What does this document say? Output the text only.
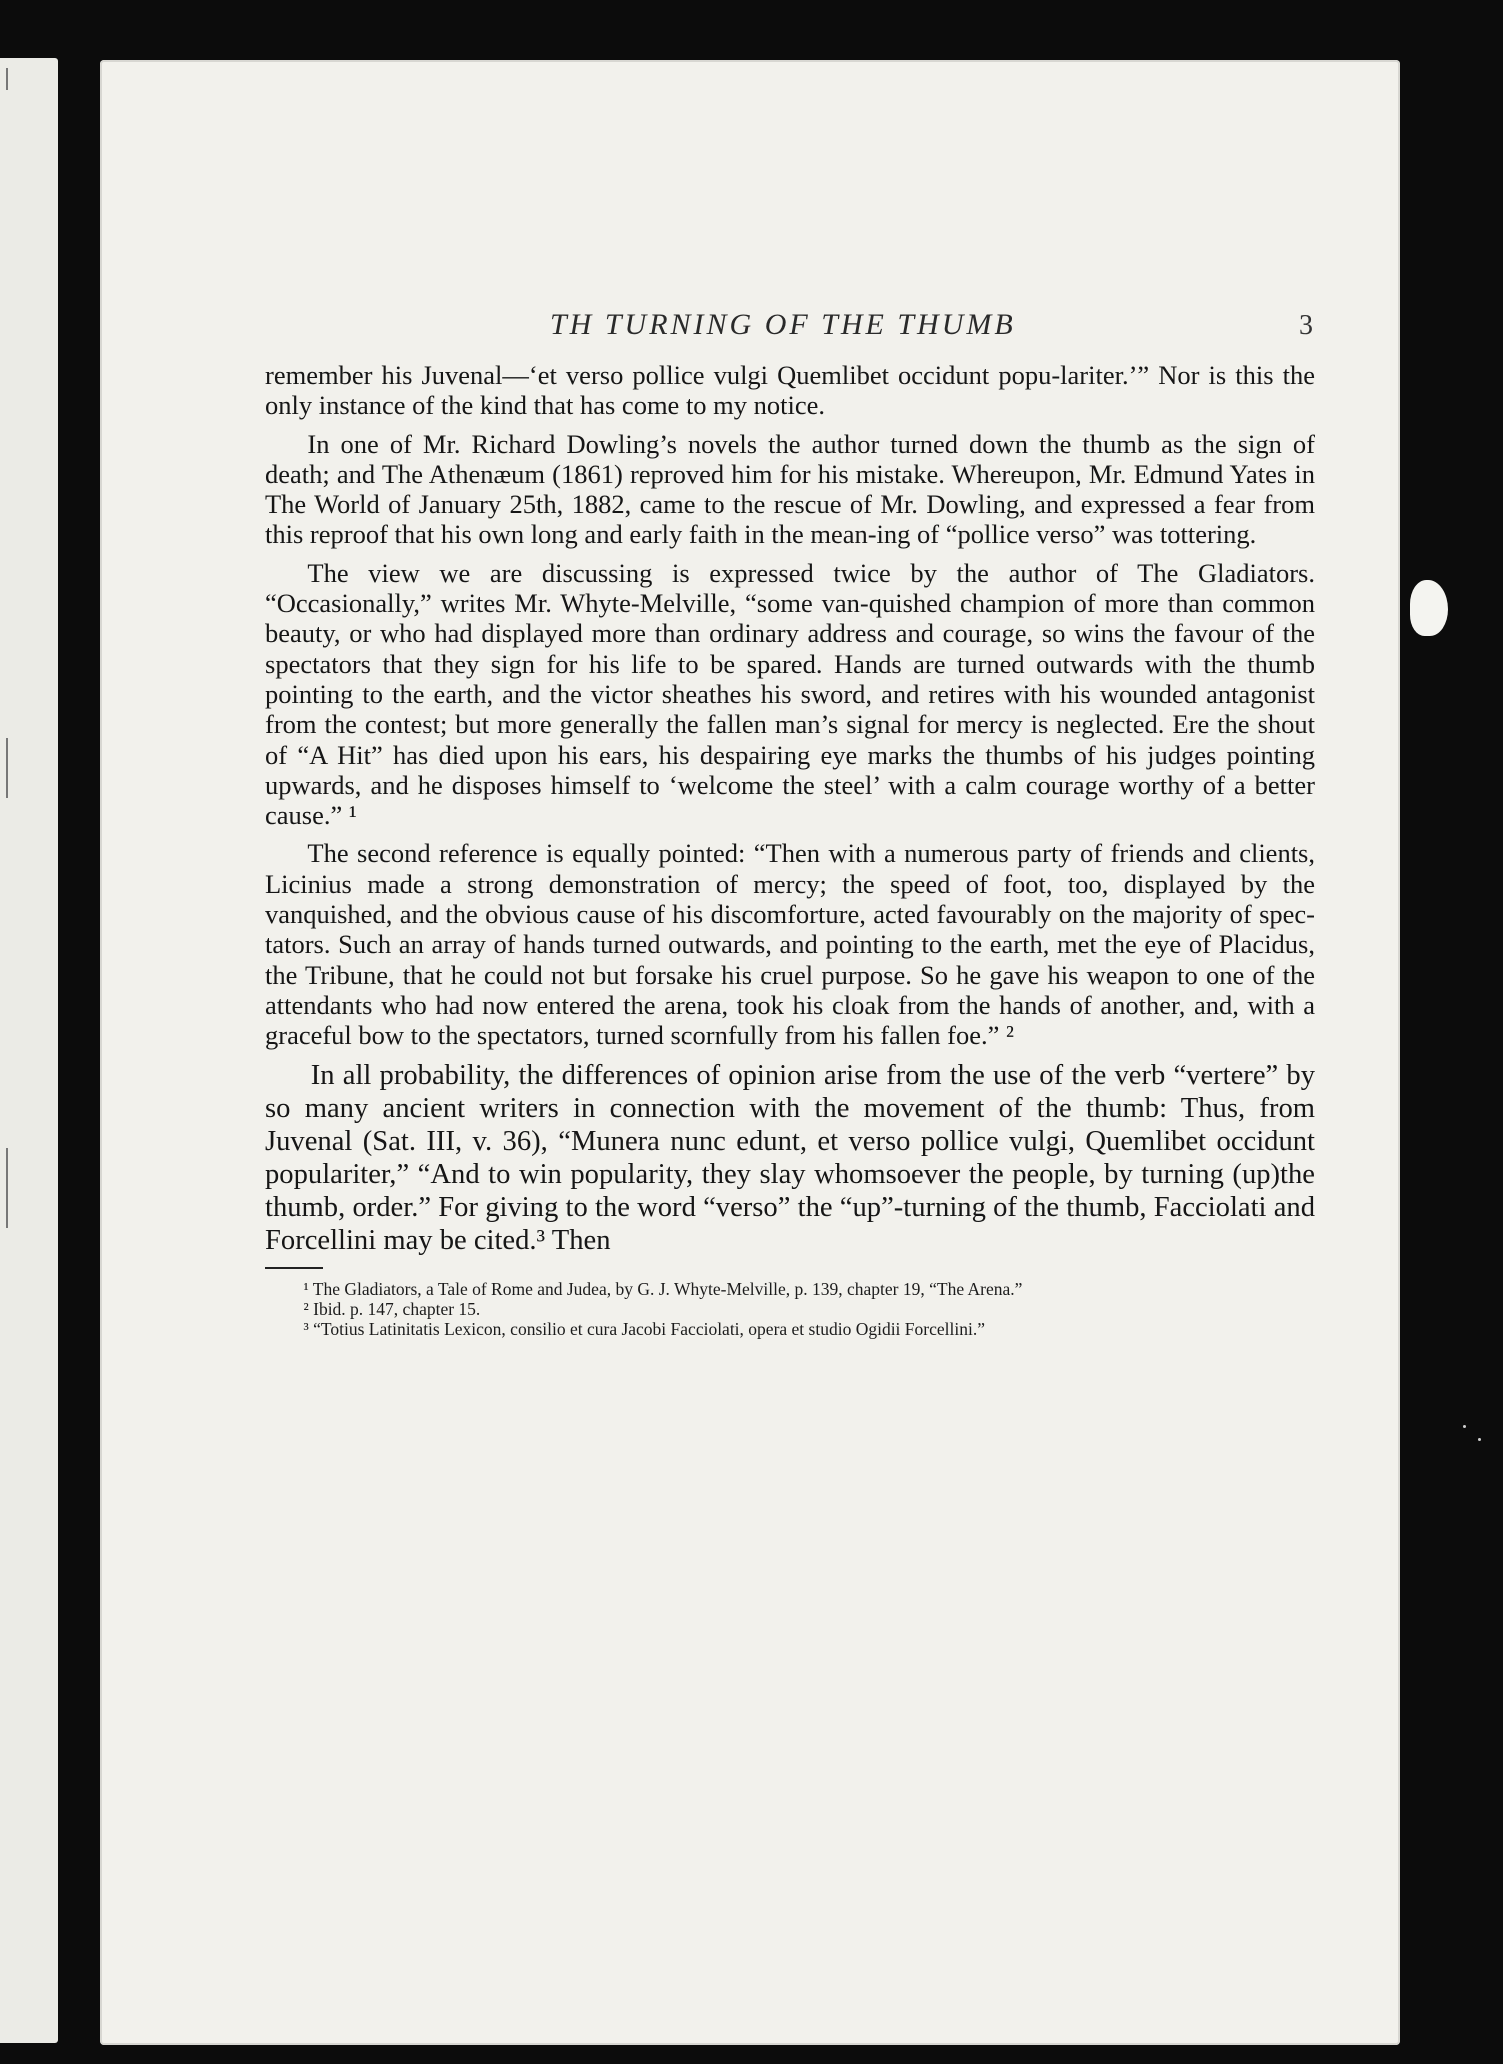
TH TURNING OF THE THUMB	3

remember his Juvenal—‘et verso pollice vulgi Quemlibet occidunt popu-lariter.’” Nor is this the only instance of the kind that has come to my notice.

In one of Mr. Richard Dowling’s novels the author turned down the thumb as the sign of death; and The Athenæum (1861) reproved him for his mistake. Whereupon, Mr. Edmund Yates in The World of January 25th, 1882, came to the rescue of Mr. Dowling, and expressed a fear from this reproof that his own long and early faith in the mean-ing of “pollice verso” was tottering.

The view we are discussing is expressed twice by the author of The Gladiators. “Occasionally,” writes Mr. Whyte-Melville, “some van-quished champion of more than common beauty, or who had displayed more than ordinary address and courage, so wins the favour of the spectators that they sign for his life to be spared. Hands are turned outwards with the thumb pointing to the earth, and the victor sheathes his sword, and retires with his wounded antagonist from the contest; but more generally the fallen man’s signal for mercy is neglected. Ere the shout of “A Hit” has died upon his ears, his despairing eye marks the thumbs of his judges pointing upwards, and he disposes himself to ‘welcome the steel’ with a calm courage worthy of a better cause.” ¹

The second reference is equally pointed: “Then with a numerous party of friends and clients, Licinius made a strong demonstration of mercy; the speed of foot, too, displayed by the vanquished, and the obvious cause of his discomforture, acted favourably on the majority of spec-tators. Such an array of hands turned outwards, and pointing to the earth, met the eye of Placidus, the Tribune, that he could not but forsake his cruel purpose. So he gave his weapon to one of the attendants who had now entered the arena, took his cloak from the hands of another, and, with a graceful bow to the spectators, turned scornfully from his fallen foe.” ²

In all probability, the differences of opinion arise from the use of the verb “vertere” by so many ancient writers in connection with the movement of the thumb: Thus, from Juvenal (Sat. III, v. 36), “Munera nunc edunt, et verso pollice vulgi, Quemlibet occidunt populariter,” “And to win popularity, they slay whomsoever the people, by turning (up)the thumb, order.” For giving to the word “verso” the “up”-turning of the thumb, Facciolati and Forcellini may be cited.³ Then

¹ The Gladiators, a Tale of Rome and Judea, by G. J. Whyte-Melville, p. 139, chapter 19, “The Arena.”

² Ibid. p. 147, chapter 15.

³ “Totius Latinitatis Lexicon, consilio et cura Jacobi Facciolati, opera et studio Ogidii Forcellini.”
